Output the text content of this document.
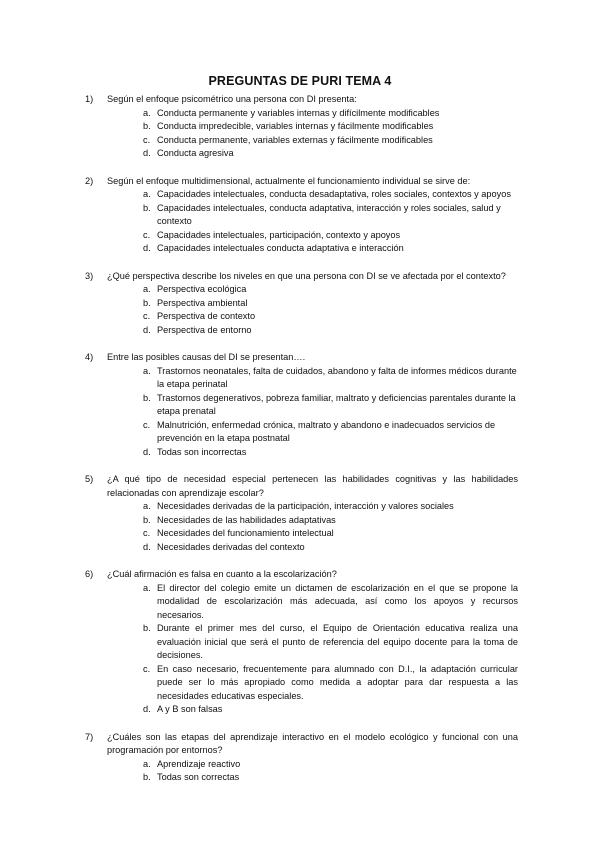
PREGUNTAS DE PURI TEMA 4
1)	Según el enfoque psicométrico una persona con DI presenta:
a. Conducta permanente y variables internas y difícilmente modificables
b. Conducta impredecible, variables internas y fácilmente modificables
c. Conducta permanente, variables externas y fácilmente modificables
d. Conducta agresiva
2)	Según el enfoque multidimensional, actualmente el funcionamiento individual se sirve de:
a. Capacidades intelectuales, conducta desadaptativa, roles sociales, contextos y apoyos
b. Capacidades intelectuales, conducta adaptativa, interacción y roles sociales, salud y contexto
c. Capacidades intelectuales, participación, contexto y apoyos
d. Capacidades intelectuales conducta adaptativa e interacción
3)	¿Qué perspectiva describe los niveles en que una persona con DI se ve afectada por el contexto?
a. Perspectiva ecológica
b. Perspectiva ambiental
c. Perspectiva de contexto
d. Perspectiva de entorno
4)	Entre las posibles causas del DI se presentan….
a. Trastornos neonatales, falta de cuidados, abandono y falta de informes médicos durante la etapa perinatal
b. Trastornos degenerativos, pobreza familiar, maltrato y deficiencias parentales durante la etapa prenatal
c. Malnutrición, enfermedad crónica, maltrato y abandono e inadecuados servicios de prevención en la etapa postnatal
d. Todas son incorrectas
5)	¿A qué tipo de necesidad especial pertenecen las habilidades cognitivas y las habilidades relacionadas con aprendizaje escolar?
a. Necesidades derivadas de la participación, interacción y valores sociales
b. Necesidades de las habilidades adaptativas
c. Necesidades del funcionamiento intelectual
d. Necesidades derivadas del contexto
6)	¿Cuál afirmación es falsa en cuanto a la escolarización?
a. El director del colegio emite un dictamen de escolarización en el que se propone la modalidad de escolarización más adecuada, así como los apoyos y recursos necesarios.
b. Durante el primer mes del curso, el Equipo de Orientación educativa realiza una evaluación inicial que será el punto de referencia del equipo docente para la toma de decisiones.
c. En caso necesario, frecuentemente para alumnado con D.I., la adaptación curricular puede ser lo más apropiado como medida a adoptar para dar respuesta a las necesidades educativas especiales.
d. A y B son falsas
7)	¿Cuáles son las etapas del aprendizaje interactivo en el modelo ecológico y funcional con una programación por entornos?
a. Aprendizaje reactivo
b. Todas son correctas
